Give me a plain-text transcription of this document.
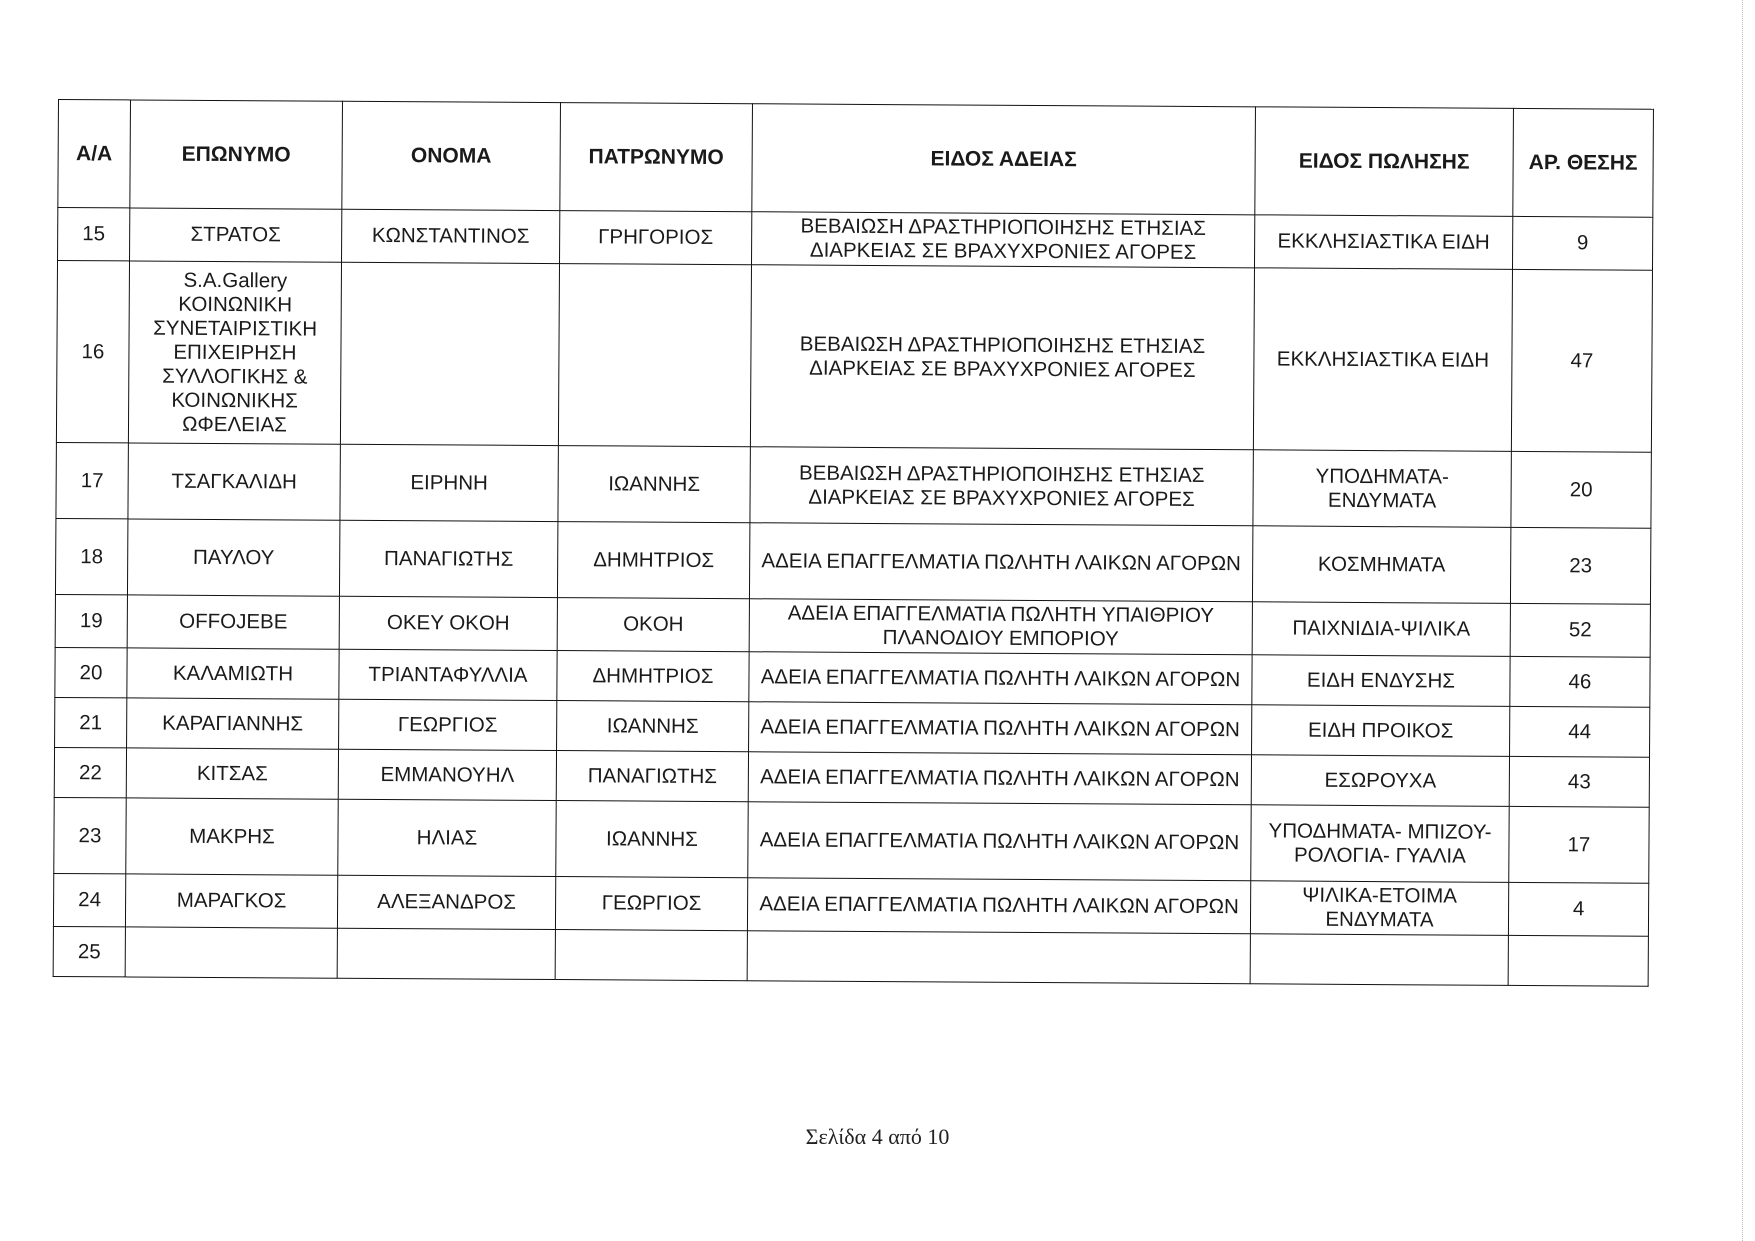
Α/Α	ΕΠΩΝΥΜΟ	ΟΝΟΜΑ	ΠΑΤΡΩΝΥΜΟ	ΕΙΔΟΣ ΑΔΕΙΑΣ	ΕΙΔΟΣ ΠΩΛΗΣΗΣ	ΑΡ. ΘΕΣΗΣ
15	ΣΤΡΑΤΟΣ	ΚΩΝΣΤΑΝΤΙΝΟΣ	ΓΡΗΓΟΡΙΟΣ	ΒΕΒΑΙΩΣΗ ΔΡΑΣΤΗΡΙΟΠΟΙΗΣΗΣ ΕΤΗΣΙΑΣ ΔΙΑΡΚΕΙΑΣ ΣΕ ΒΡΑΧΥΧΡΟΝΙΕΣ ΑΓΟΡΕΣ	ΕΚΚΛΗΣΙΑΣΤΙΚΑ ΕΙΔΗ	9
16	S.A.Gallery ΚΟΙΝΩΝΙΚΗ ΣΥΝΕΤΑΙΡΙΣΤΙΚΗ ΕΠΙΧΕΙΡΗΣΗ ΣΥΛΛΟΓΙΚΗΣ & ΚΟΙΝΩΝΙΚΗΣ ΩΦΕΛΕΙΑΣ			ΒΕΒΑΙΩΣΗ ΔΡΑΣΤΗΡΙΟΠΟΙΗΣΗΣ ΕΤΗΣΙΑΣ ΔΙΑΡΚΕΙΑΣ ΣΕ ΒΡΑΧΥΧΡΟΝΙΕΣ ΑΓΟΡΕΣ	ΕΚΚΛΗΣΙΑΣΤΙΚΑ ΕΙΔΗ	47
17	ΤΣΑΓΚΑΛΙΔΗ	ΕΙΡΗΝΗ	ΙΩΑΝΝΗΣ	ΒΕΒΑΙΩΣΗ ΔΡΑΣΤΗΡΙΟΠΟΙΗΣΗΣ ΕΤΗΣΙΑΣ ΔΙΑΡΚΕΙΑΣ ΣΕ ΒΡΑΧΥΧΡΟΝΙΕΣ ΑΓΟΡΕΣ	ΥΠΟΔΗΜΑΤΑ- ΕΝΔΥΜΑΤΑ	20
18	ΠΑΥΛΟΥ	ΠΑΝΑΓΙΩΤΗΣ	ΔΗΜΗΤΡΙΟΣ	ΑΔΕΙΑ ΕΠΑΓΓΕΛΜΑΤΙΑ ΠΩΛΗΤΗ ΛΑΙΚΩΝ ΑΓΟΡΩΝ	ΚΟΣΜΗΜΑΤΑ	23
19	OFFOJEBE	OKEY OKOH	OKOH	ΑΔΕΙΑ ΕΠΑΓΓΕΛΜΑΤΙΑ ΠΩΛΗΤΗ ΥΠΑΙΘΡΙΟΥ ΠΛΑΝΟΔΙΟΥ ΕΜΠΟΡΙΟΥ	ΠΑΙΧΝΙΔΙΑ-ΨΙΛΙΚΑ	52
20	ΚΑΛΑΜΙΩΤΗ	ΤΡΙΑΝΤΑΦΥΛΛΙΑ	ΔΗΜΗΤΡΙΟΣ	ΑΔΕΙΑ ΕΠΑΓΓΕΛΜΑΤΙΑ ΠΩΛΗΤΗ ΛΑΙΚΩΝ ΑΓΟΡΩΝ	ΕΙΔΗ ΕΝΔΥΣΗΣ	46
21	ΚΑΡΑΓΙΑΝΝΗΣ	ΓΕΩΡΓΙΟΣ	ΙΩΑΝΝΗΣ	ΑΔΕΙΑ ΕΠΑΓΓΕΛΜΑΤΙΑ ΠΩΛΗΤΗ ΛΑΙΚΩΝ ΑΓΟΡΩΝ	ΕΙΔΗ ΠΡΟΙΚΟΣ	44
22	ΚΙΤΣΑΣ	ΕΜΜΑΝΟΥΗΛ	ΠΑΝΑΓΙΩΤΗΣ	ΑΔΕΙΑ ΕΠΑΓΓΕΛΜΑΤΙΑ ΠΩΛΗΤΗ ΛΑΙΚΩΝ ΑΓΟΡΩΝ	ΕΣΩΡΟΥΧΑ	43
23	ΜΑΚΡΗΣ	ΗΛΙΑΣ	ΙΩΑΝΝΗΣ	ΑΔΕΙΑ ΕΠΑΓΓΕΛΜΑΤΙΑ ΠΩΛΗΤΗ ΛΑΙΚΩΝ ΑΓΟΡΩΝ	ΥΠΟΔΗΜΑΤΑ- ΜΠΙΖΟΥ-ΡΟΛΟΓΙΑ- ΓΥΑΛΙΑ	17
24	ΜΑΡΑΓΚΟΣ	ΑΛΕΞΑΝΔΡΟΣ	ΓΕΩΡΓΙΟΣ	ΑΔΕΙΑ ΕΠΑΓΓΕΛΜΑΤΙΑ ΠΩΛΗΤΗ ΛΑΙΚΩΝ ΑΓΟΡΩΝ	ΨΙΛΙΚΑ-ΕΤΟΙΜΑ ΕΝΔΥΜΑΤΑ	4
25						
Σελίδα 4 από 10
